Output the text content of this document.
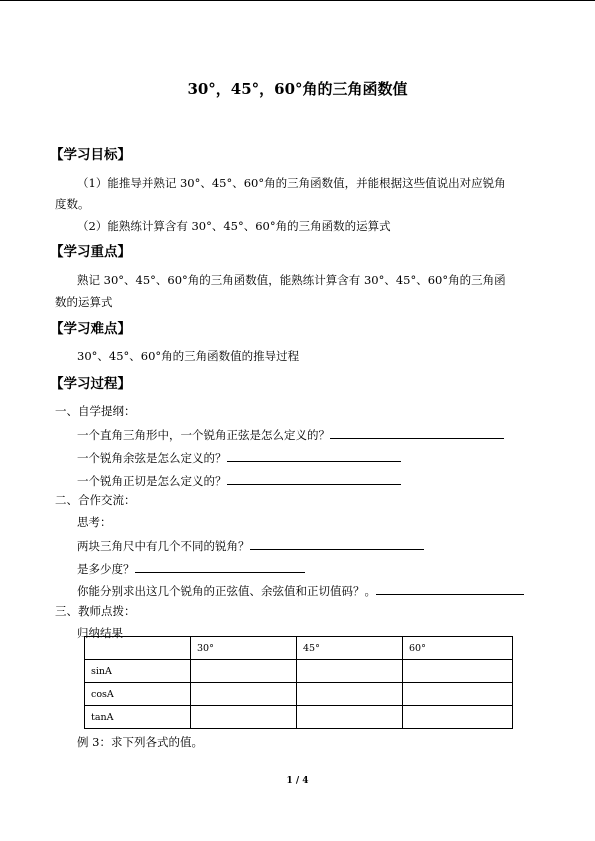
30°，45°，60°角的三角函数值
【学习目标】
（1）能推导并熟记 30°、45°、60°角的三角函数值，并能根据这些值说出对应锐角
度数。
（2）能熟练计算含有 30°、45°、60°角的三角函数的运算式
【学习重点】
熟记 30°、45°、60°角的三角函数值，能熟练计算含有 30°、45°、60°角的三角函
数的运算式
【学习难点】
30°、45°、60°角的三角函数值的推导过程
【学习过程】
一、自学提纲：
一个直角三角形中，一个锐角正弦是怎么定义的？
一个锐角余弦是怎么定义的？
一个锐角正切是怎么定义的？
二、合作交流：
思考：
两块三角尺中有几个不同的锐角？
是多少度？
你能分别求出这几个锐角的正弦值、余弦值和正切值码？。
三、教师点拨：
归纳结果
	30°	45°	60°
sinA			
cosA			
tanA			
例 3：求下列各式的值。
1 / 4
